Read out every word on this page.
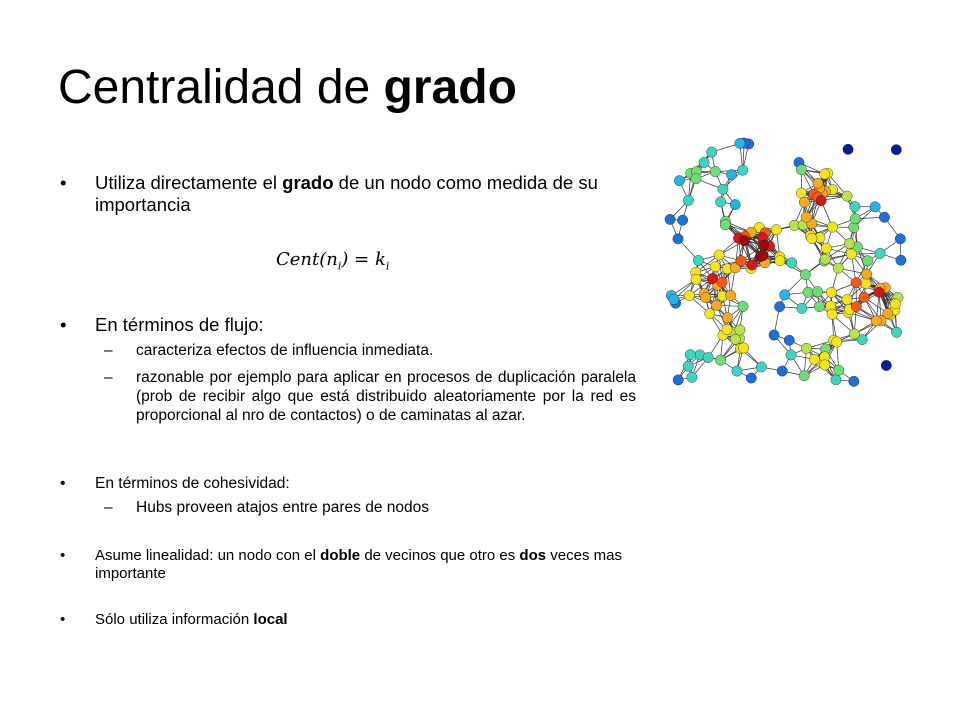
Centralidad de grado
• Utiliza directamente el grado de un nodo como medida de su importancia
$Cent(n_i) = k_i$
• En términos de flujo:
– caracteriza efectos de influencia inmediata.
– razonable por ejemplo para aplicar en procesos de duplicación paralela (prob de recibir algo que está distribuido aleatoriamente por la red es proporcional al nro de contactos) o de caminatas al azar.
• En términos de cohesividad:
– Hubs proveen atajos entre pares de nodos
• Asume linealidad: un nodo con el doble de vecinos que otro es dos veces mas importante
• Sólo utiliza información local
